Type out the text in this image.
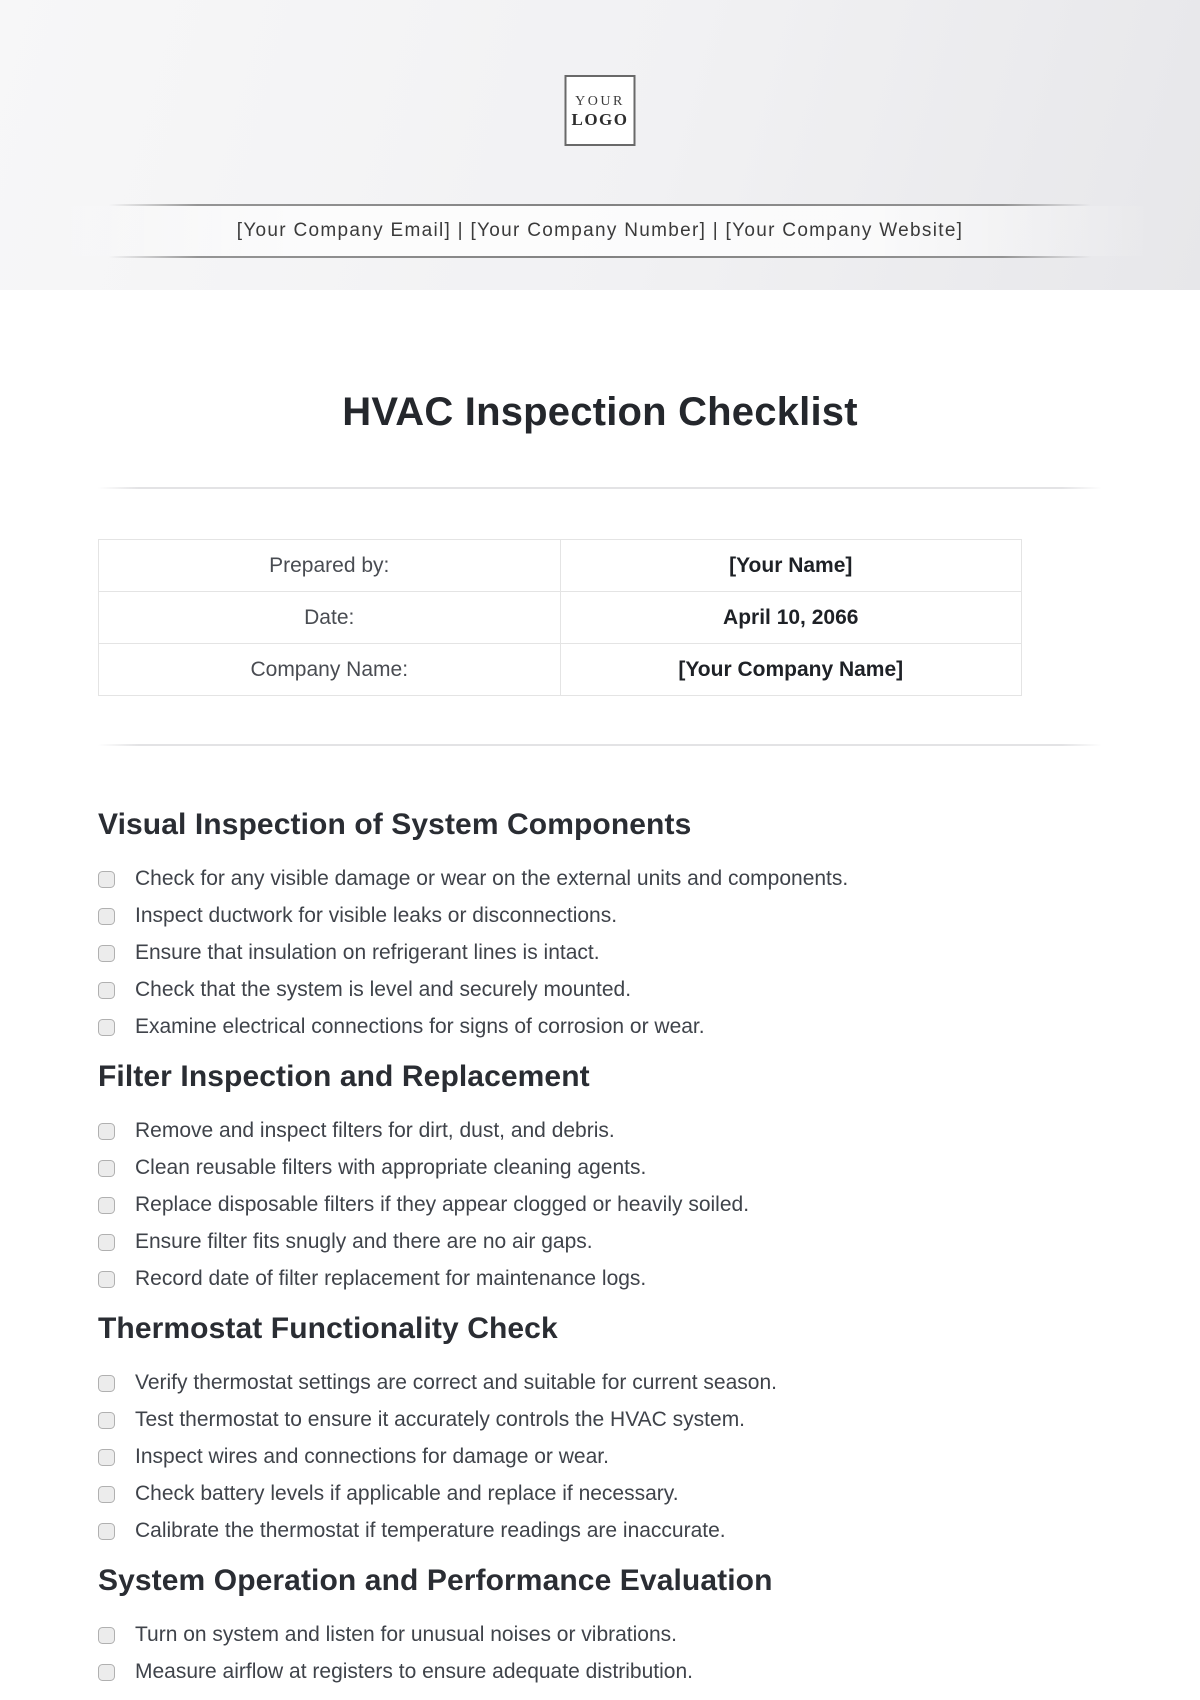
YOUR
LOGO
[Your Company Email] | [Your Company Number] | [Your Company Website]
HVAC Inspection Checklist
Prepared by:	[Your Name]
Date:	April 10, 2066
Company Name:	[Your Company Name]
Visual Inspection of System Components
Check for any visible damage or wear on the external units and components.
Inspect ductwork for visible leaks or disconnections.
Ensure that insulation on refrigerant lines is intact.
Check that the system is level and securely mounted.
Examine electrical connections for signs of corrosion or wear.
Filter Inspection and Replacement
Remove and inspect filters for dirt, dust, and debris.
Clean reusable filters with appropriate cleaning agents.
Replace disposable filters if they appear clogged or heavily soiled.
Ensure filter fits snugly and there are no air gaps.
Record date of filter replacement for maintenance logs.
Thermostat Functionality Check
Verify thermostat settings are correct and suitable for current season.
Test thermostat to ensure it accurately controls the HVAC system.
Inspect wires and connections for damage or wear.
Check battery levels if applicable and replace if necessary.
Calibrate the thermostat if temperature readings are inaccurate.
System Operation and Performance Evaluation
Turn on system and listen for unusual noises or vibrations.
Measure airflow at registers to ensure adequate distribution.
